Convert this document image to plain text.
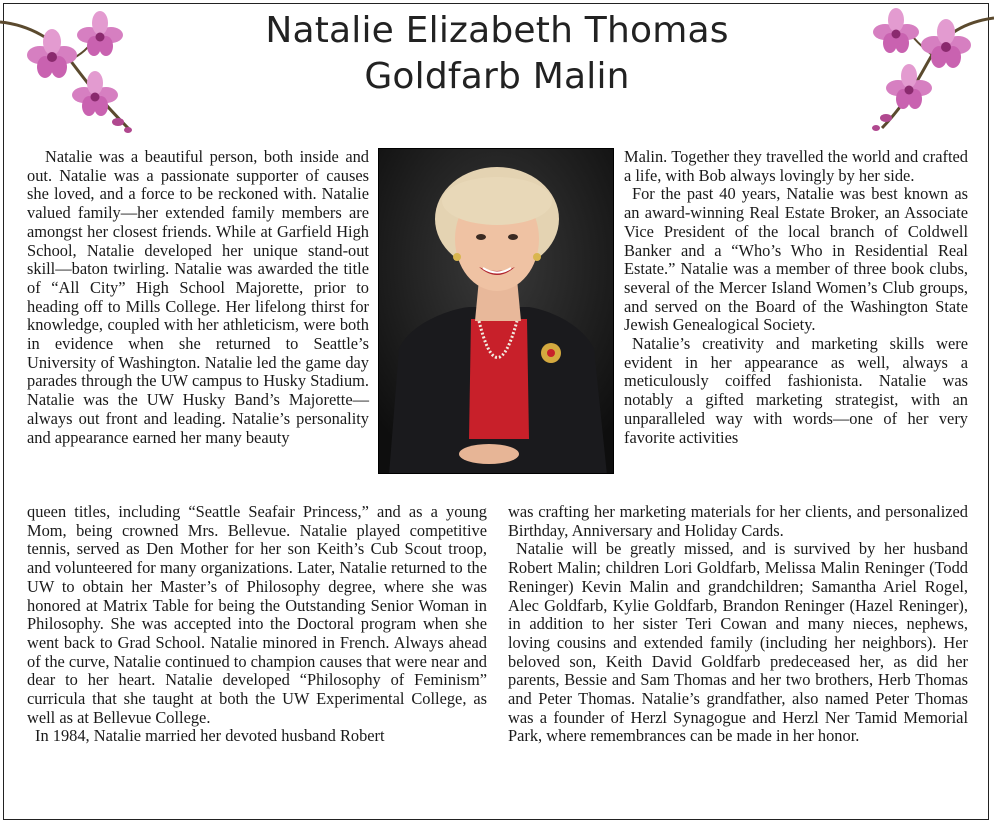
Natalie Elizabeth Thomas
Goldfarb Malin

Natalie was a beautiful person, both inside and out. Natalie was a passionate supporter of causes she loved, and a force to be reckoned with. Natalie valued family—her extended family members are amongst her closest friends. While at Garfield High School, Natalie developed her unique stand-out skill—baton twirling. Natalie was awarded the title of “All City” High School Majorette, prior to heading off to Mills College. Her lifelong thirst for knowledge, coupled with her athleticism, were both in evidence when she returned to Seattle’s University of Washington. Natalie led the game day parades through the UW campus to Husky Stadium. Natalie was the UW Husky Band’s Majorette—always out front and leading. Natalie’s personality and appearance earned her many beauty

queen titles, including “Seattle Seafair Princess,” and as a young Mom, being crowned Mrs. Bellevue. Natalie played competitive tennis, served as Den Mother for her son Keith’s Cub Scout troop, and volunteered for many organizations. Later, Natalie returned to the UW to obtain her Master’s of Philosophy degree, where she was honored at Matrix Table for being the Outstanding Senior Woman in Philosophy. She was accepted into the Doctoral program when she went back to Grad School. Natalie minored in French. Always ahead of the curve, Natalie continued to champion causes that were near and dear to her heart. Natalie developed “Philosophy of Feminism” curricula that she taught at both the UW Experimental College, as well as at Bellevue College.

In 1984, Natalie married her devoted husband Robert

Malin. Together they travelled the world and crafted a life, with Bob always lovingly by her side.

For the past 40 years, Natalie was best known as an award-winning Real Estate Broker, an Associate Vice President of the local branch of Coldwell Banker and a “Who’s Who in Residential Real Estate.” Natalie was a member of three book clubs, several of the Mercer Island Women’s Club groups, and served on the Board of the Washington State Jewish Genealogical Society.

Natalie’s creativity and marketing skills were evident in her appearance as well, always a meticulously coiffed fashionista. Natalie was notably a gifted marketing strategist, with an unparalleled way with words—one of her very favorite activities

was crafting her marketing materials for her clients, and personalized Birthday, Anniversary and Holiday Cards.

Natalie will be greatly missed, and is survived by her husband Robert Malin; children Lori Goldfarb, Melissa Malin Reninger (Todd Reninger) Kevin Malin and grandchildren; Samantha Ariel Rogel, Alec Goldfarb, Kylie Goldfarb, Brandon Reninger (Hazel Reninger), in addition to her sister Teri Cowan and many nieces, nephews, loving cousins and extended family (including her neighbors). Her beloved son, Keith David Goldfarb predeceased her, as did her parents, Bessie and Sam Thomas and her two brothers, Herb Thomas and Peter Thomas. Natalie’s grandfather, also named Peter Thomas was a founder of Herzl Synagogue and Herzl Ner Tamid Memorial Park, where remembrances can be made in her honor.
